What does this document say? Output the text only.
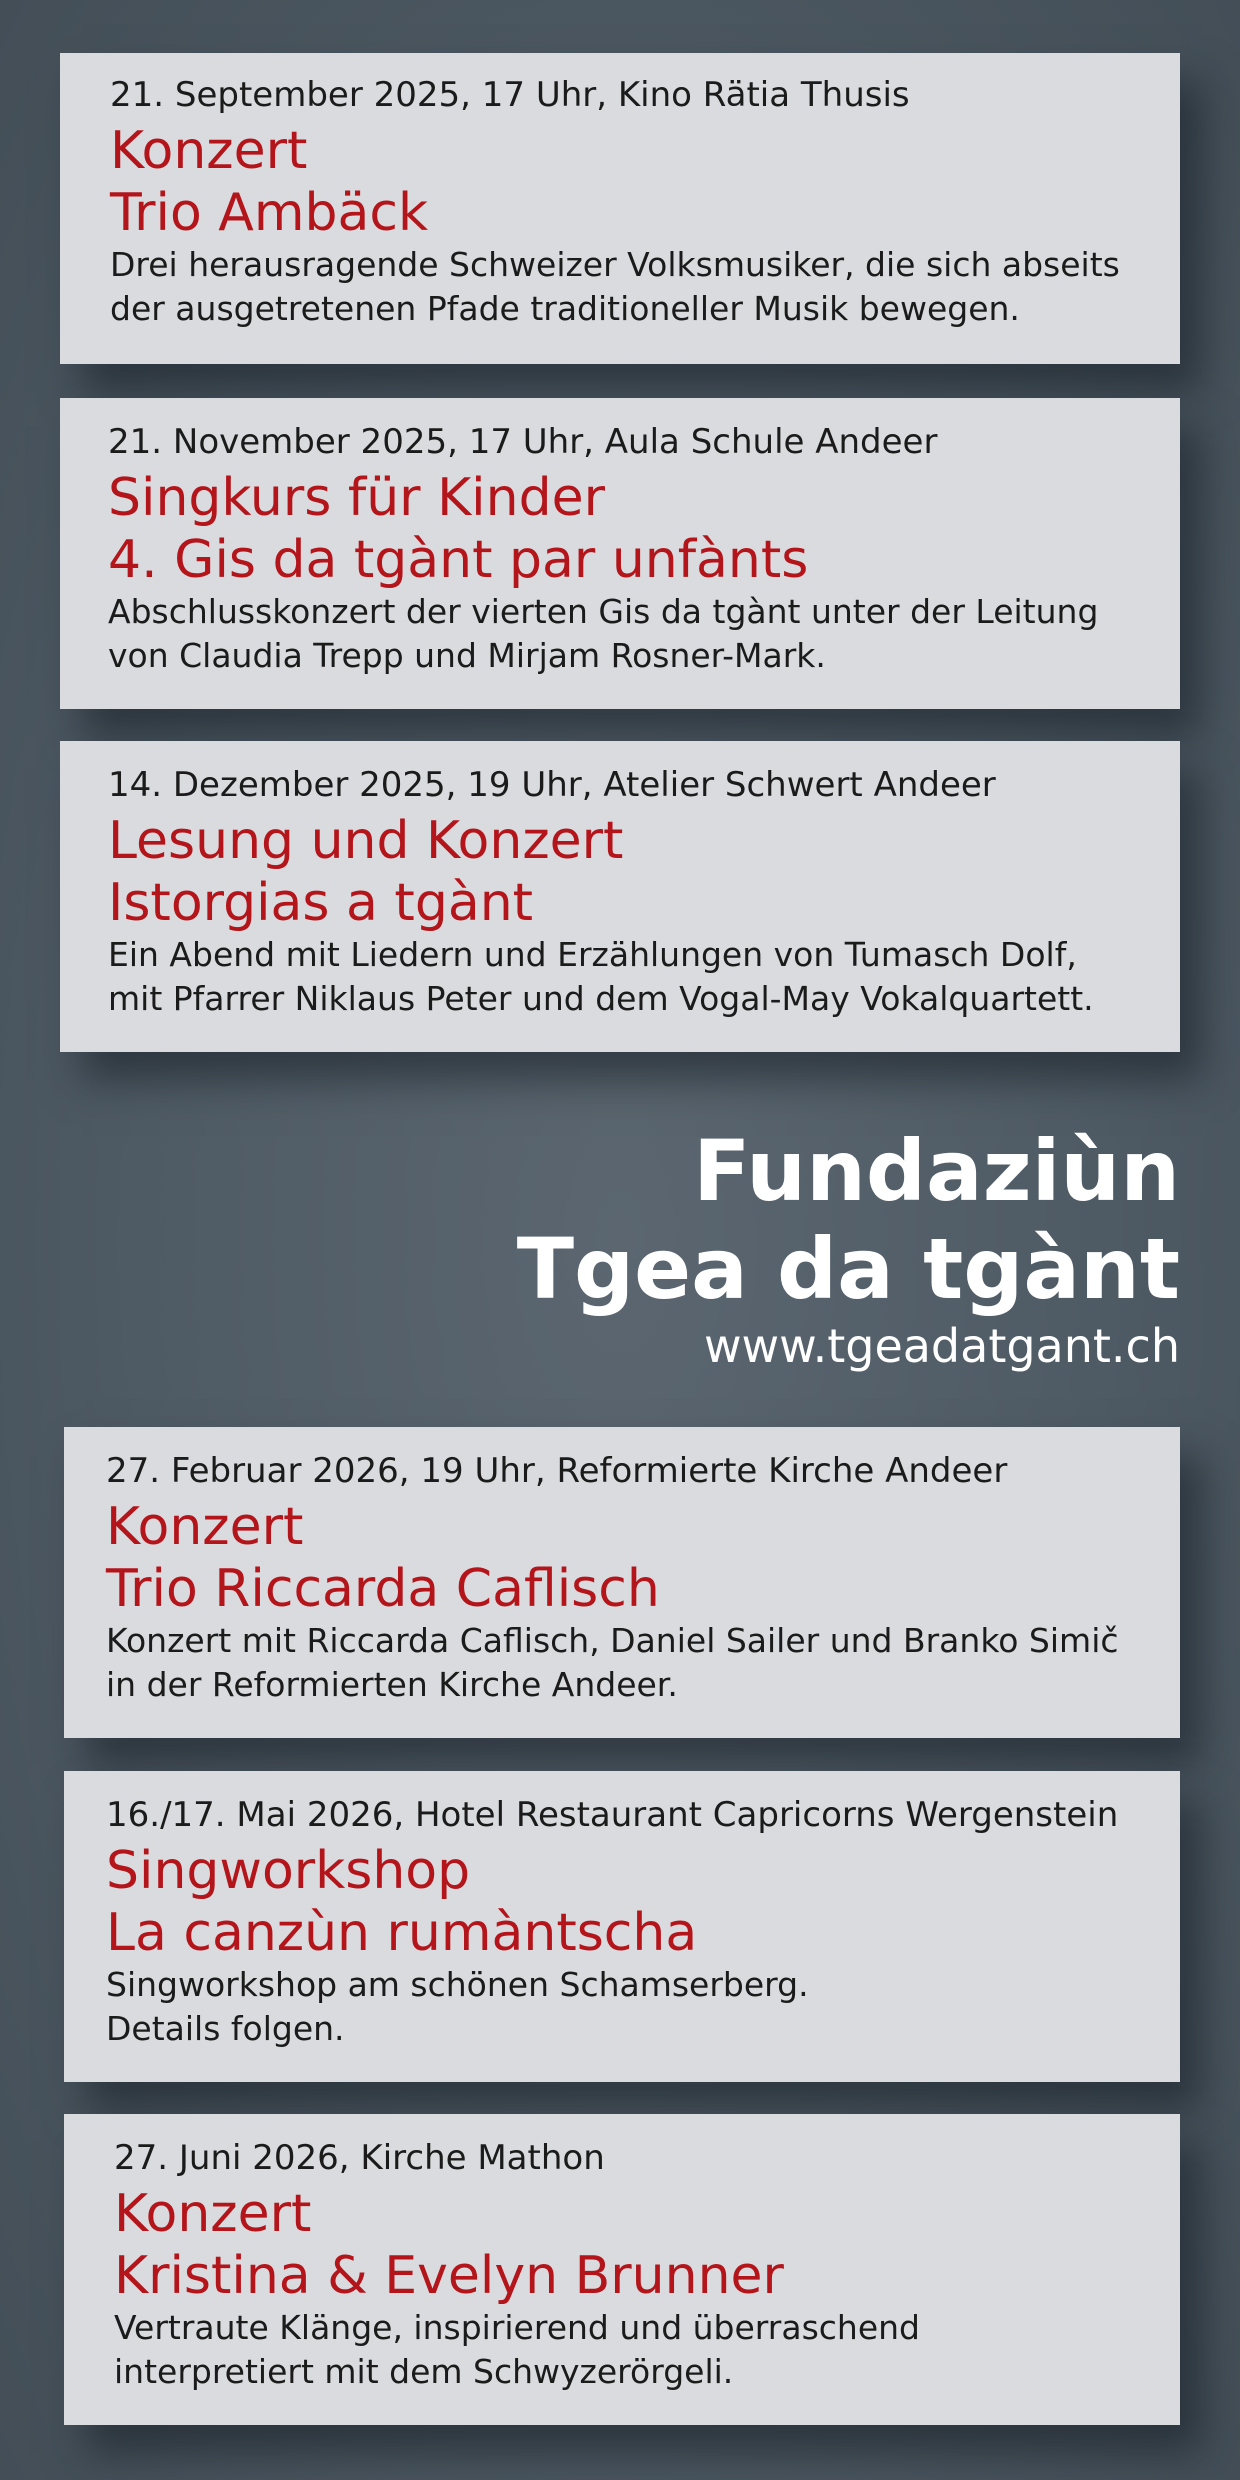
21. September 2025, 17 Uhr, Kino Rätia Thusis
Konzert
Trio Ambäck
Drei herausragende Schweizer Volksmusiker, die sich abseits
der ausgetretenen Pfade traditioneller Musik bewegen.
21. November 2025, 17 Uhr, Aula Schule Andeer
Singkurs für Kinder
4. Gis da tgànt par unfànts
Abschlusskonzert der vierten Gis da tgànt unter der Leitung
von Claudia Trepp und Mirjam Rosner-Mark.
14. Dezember 2025, 19 Uhr, Atelier Schwert Andeer
Lesung und Konzert
Istorgias a tgànt
Ein Abend mit Liedern und Erzählungen von Tumasch Dolf,
mit Pfarrer Niklaus Peter und dem Vogal-May Vokalquartett.
Fundaziùn
Tgea da tgànt
www.tgeadatgant.ch
27. Februar 2026, 19 Uhr, Reformierte Kirche Andeer
Konzert
Trio Riccarda Caflisch
Konzert mit Riccarda Caflisch, Daniel Sailer und Branko Simič
in der Reformierten Kirche Andeer.
16./17. Mai 2026, Hotel Restaurant Capricorns Wergenstein
Singworkshop
La canzùn rumàntscha
Singworkshop am schönen Schamserberg.
Details folgen.
27. Juni 2026, Kirche Mathon
Konzert
Kristina & Evelyn Brunner
Vertraute Klänge, inspirierend und überraschend
interpretiert mit dem Schwyzerörgeli.
